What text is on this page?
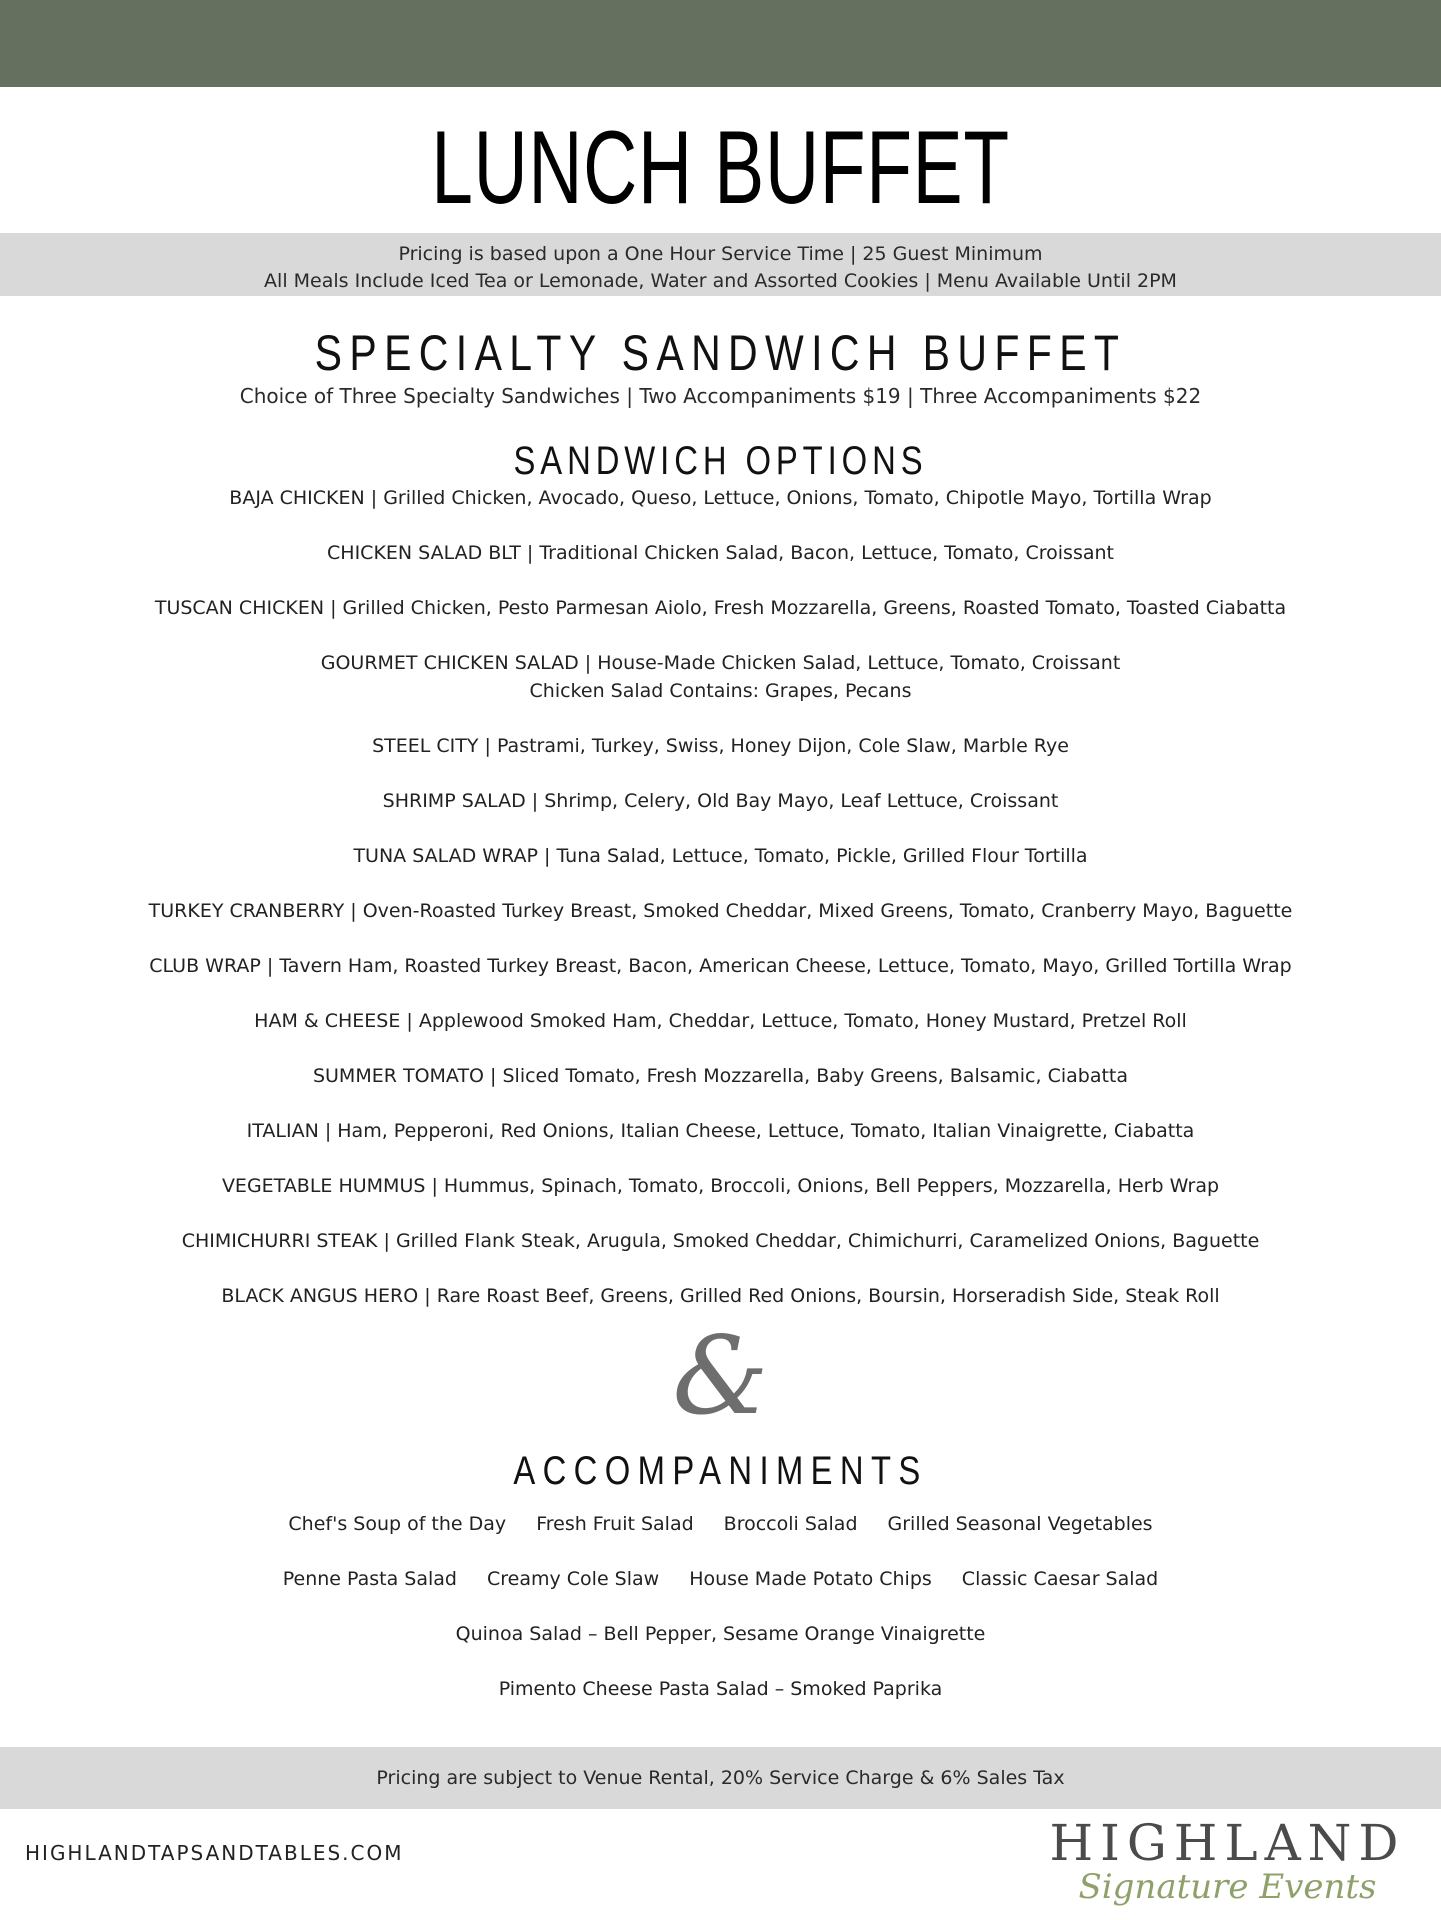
LUNCH BUFFET
Pricing is based upon a One Hour Service Time | 25 Guest Minimum
All Meals Include Iced Tea or Lemonade, Water and Assorted Cookies | Menu Available Until 2PM
SPECIALTY SANDWICH BUFFET
Choice of Three Specialty Sandwiches | Two Accompaniments $19 | Three Accompaniments $22
SANDWICH OPTIONS
BAJA CHICKEN | Grilled Chicken, Avocado, Queso, Lettuce, Onions, Tomato, Chipotle Mayo, Tortilla Wrap
CHICKEN SALAD BLT | Traditional Chicken Salad, Bacon, Lettuce, Tomato, Croissant
TUSCAN CHICKEN | Grilled Chicken, Pesto Parmesan Aiolo, Fresh Mozzarella, Greens, Roasted Tomato, Toasted Ciabatta
GOURMET CHICKEN SALAD | House-Made Chicken Salad, Lettuce, Tomato, Croissant
Chicken Salad Contains: Grapes, Pecans
STEEL CITY | Pastrami, Turkey, Swiss, Honey Dijon, Cole Slaw, Marble Rye
SHRIMP SALAD | Shrimp, Celery, Old Bay Mayo, Leaf Lettuce, Croissant
TUNA SALAD WRAP | Tuna Salad, Lettuce, Tomato, Pickle, Grilled Flour Tortilla
TURKEY CRANBERRY | Oven-Roasted Turkey Breast, Smoked Cheddar, Mixed Greens, Tomato, Cranberry Mayo, Baguette
CLUB WRAP | Tavern Ham, Roasted Turkey Breast, Bacon, American Cheese, Lettuce, Tomato, Mayo, Grilled Tortilla Wrap
HAM & CHEESE | Applewood Smoked Ham, Cheddar, Lettuce, Tomato, Honey Mustard, Pretzel Roll
SUMMER TOMATO | Sliced Tomato, Fresh Mozzarella, Baby Greens, Balsamic, Ciabatta
ITALIAN | Ham, Pepperoni, Red Onions, Italian Cheese, Lettuce, Tomato, Italian Vinaigrette, Ciabatta
VEGETABLE HUMMUS | Hummus, Spinach, Tomato, Broccoli, Onions, Bell Peppers, Mozzarella, Herb Wrap
CHIMICHURRI STEAK | Grilled Flank Steak, Arugula, Smoked Cheddar, Chimichurri, Caramelized Onions, Baguette
BLACK ANGUS HERO | Rare Roast Beef, Greens, Grilled Red Onions, Boursin, Horseradish Side, Steak Roll
&
ACCOMPANIMENTS
Chef's Soup of the Day Fresh Fruit Salad Broccoli Salad Grilled Seasonal Vegetables
Penne Pasta Salad Creamy Cole Slaw House Made Potato Chips Classic Caesar Salad
Quinoa Salad – Bell Pepper, Sesame Orange Vinaigrette
Pimento Cheese Pasta Salad – Smoked Paprika
Pricing are subject to Venue Rental, 20% Service Charge & 6% Sales Tax
HIGHLANDTAPSANDTABLES.COM	HIGHLAND
Signature Events
